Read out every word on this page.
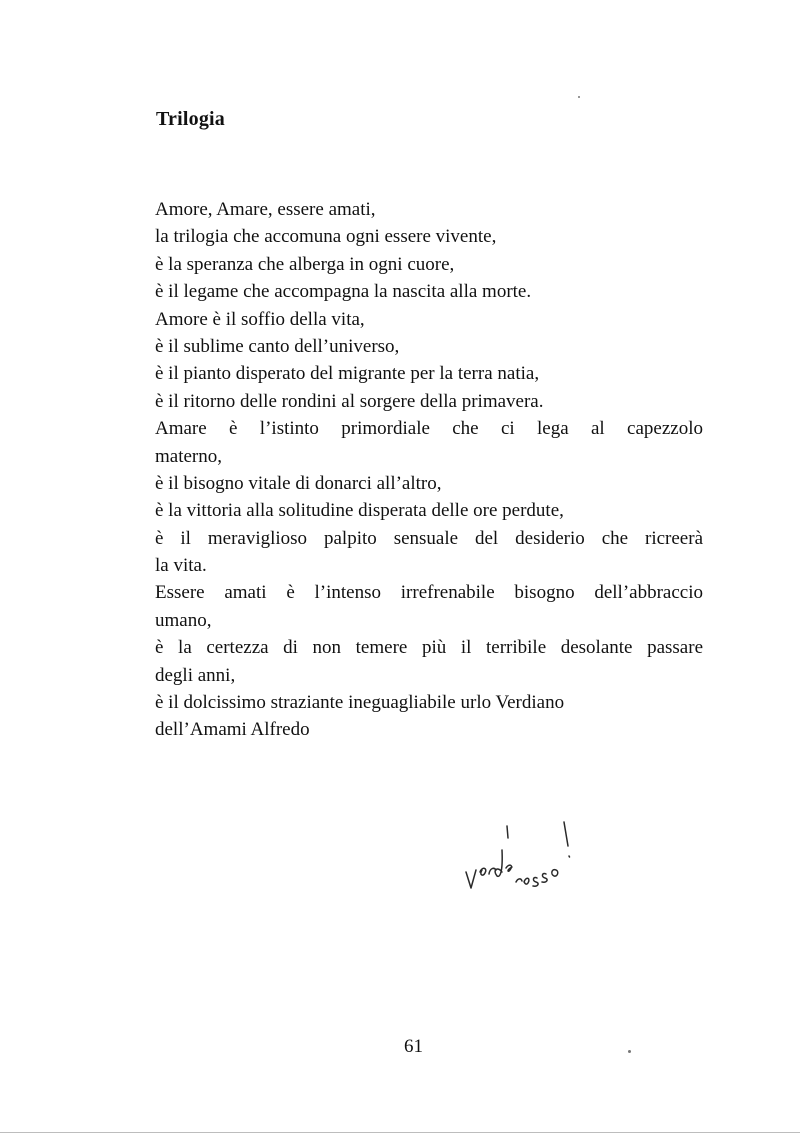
Trilogia
Amore, Amare, essere amati,
la trilogia che accomuna ogni essere vivente,
è la speranza che alberga in ogni cuore,
è il legame che accompagna la nascita alla morte.
Amore è il soffio della vita,
è il sublime canto dell’universo,
è il pianto disperato del migrante per la terra natia,
è il ritorno delle rondini al sorgere della primavera.
Amare è l’istinto primordiale che ci lega al capezzolo
materno,
è il bisogno vitale di donarci all’altro,
è la vittoria alla solitudine disperata delle ore perdute,
è il meraviglioso palpito sensuale del desiderio che ricreerà
la vita.
Essere amati è l’intenso irrefrenabile bisogno dell’abbraccio
umano,
è la certezza di non temere più il terribile desolante passare
degli anni,
è il dolcissimo straziante ineguagliabile urlo Verdiano
dell’Amami Alfredo
61
